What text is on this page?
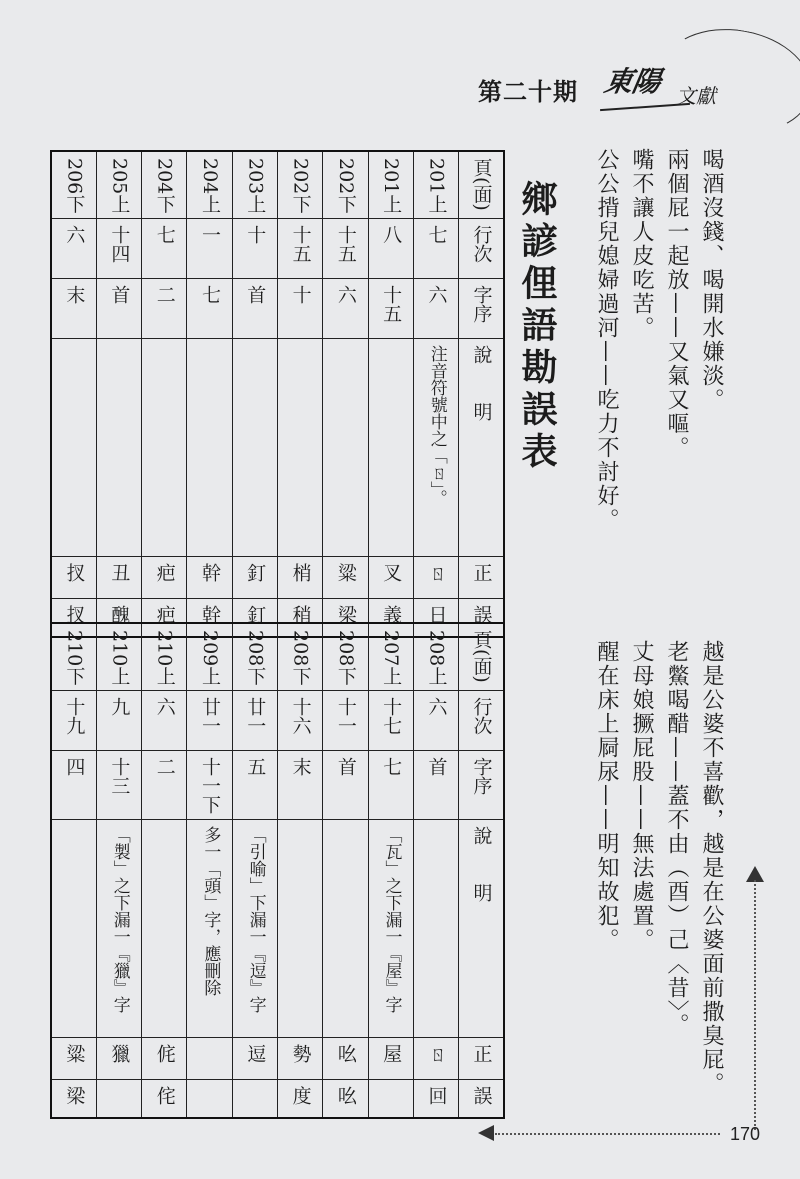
第二十期 東陽 文獻
206下	205上	204下	204上	203上	202下	202下	201上	201上	頁(面)
六	十四	七	一	十	十五	十五	八	七	行次
末	首	二	七	首	十	六	十五	六	字序
								注音符號中之「ㄖ」。	說　　明
扠	丑	疤	幹	釘	梢	粱	叉	ㄖ	正
扠	醜	疤	幹	釘	稍	梁	義	日	誤
210下	210上	210上	209上	208下	208下	208下	207上	208上	頁(面)
十九	九	六	廿一	廿一	十六	十一	十七	六	行次
四	十三	二	十一下	五	末	首	七	首	字序
	「製」之下漏一『獵』字		多一「頭」字，應刪除	「引喻」下漏一『逗』字			「瓦」之下漏一『屋』字		說　　明
粱	獵	侂		逗	勢	吆	屋	ㄖ	正
梁		侘			度	吆		回	誤
鄉諺俚語勘誤表	喝酒沒錢、喝開水嫌淡。
兩個屁一起放——又氣又嘔。
嘴不讓人皮吃苦。
公公揹兒媳婦過河——吃力不討好。
越是公婆不喜歡，越是在公婆面前撒臭屁。
老鱉喝醋——蓋不由（酉）己〈昔〉。
丈母娘撅屁股——無法處置。
醒在床上屙尿——明知故犯。
170
